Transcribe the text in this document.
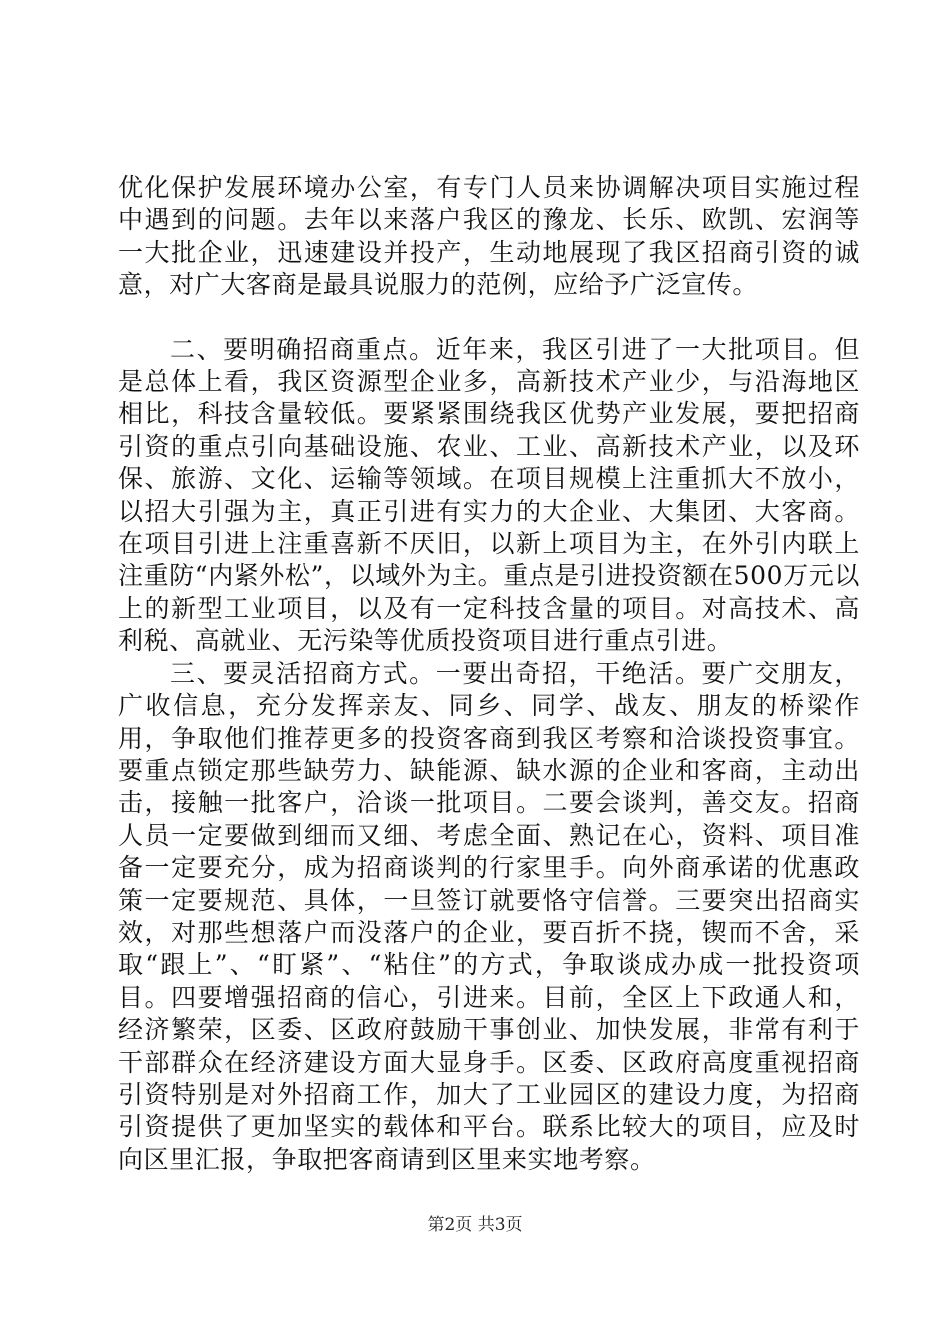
优化保护发展环境办公室，有专门人员来协调解决项目实施过程中遇到的问题。去年以来落户我区的豫龙、长乐、欧凯、宏润等一大批企业，迅速建设并投产，生动地展现了我区招商引资的诚意，对广大客商是最具说服力的范例，应给予广泛宣传。

二、要明确招商重点。近年来，我区引进了一大批项目。但是总体上看，我区资源型企业多，高新技术产业少，与沿海地区相比，科技含量较低。要紧紧围绕我区优势产业发展，要把招商引资的重点引向基础设施、农业、工业、高新技术产业，以及环保、旅游、文化、运输等领域。在项目规模上注重抓大不放小，以招大引强为主，真正引进有实力的大企业、大集团、大客商。在项目引进上注重喜新不厌旧，以新上项目为主，在外引内联上注重防“内紧外松”，以域外为主。重点是引进投资额在500万元以上的新型工业项目，以及有一定科技含量的项目。对高技术、高利税、高就业、无污染等优质投资项目进行重点引进。

三、要灵活招商方式。一要出奇招，干绝活。要广交朋友，广收信息，充分发挥亲友、同乡、同学、战友、朋友的桥梁作用，争取他们推荐更多的投资客商到我区考察和洽谈投资事宜。要重点锁定那些缺劳力、缺能源、缺水源的企业和客商，主动出击，接触一批客户，洽谈一批项目。二要会谈判，善交友。招商人员一定要做到细而又细、考虑全面、熟记在心，资料、项目准备一定要充分，成为招商谈判的行家里手。向外商承诺的优惠政策一定要规范、具体，一旦签订就要恪守信誉。三要突出招商实效，对那些想落户而没落户的企业，要百折不挠，锲而不舍，采取“跟上”、“盯紧”、“粘住”的方式，争取谈成办成一批投资项目。四要增强招商的信心，引进来。目前，全区上下政通人和，经济繁荣，区委、区政府鼓励干事创业、加快发展，非常有利于干部群众在经济建设方面大显身手。区委、区政府高度重视招商引资特别是对外招商工作，加大了工业园区的建设力度，为招商引资提供了更加坚实的载体和平台。联系比较大的项目，应及时向区里汇报，争取把客商请到区里来实地考察。

第2页 共3页
